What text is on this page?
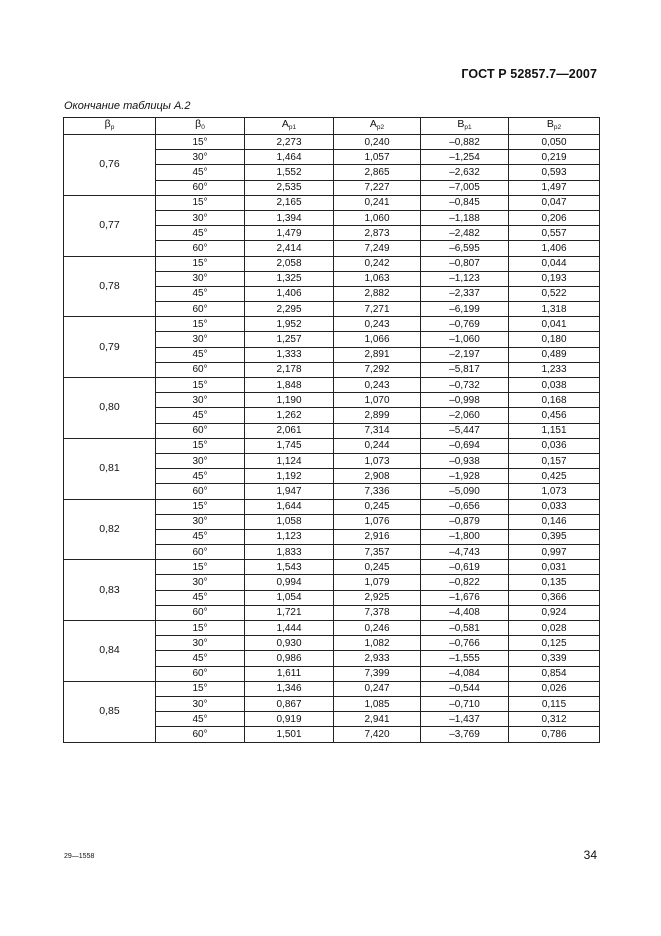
ГОСТ Р 52857.7—2007
Окончание таблицы А.2
$\beta_р$	$\beta_0$	$A_{р1}$	$A_{р2}$	$B_{р1}$	$B_{р2}$
0,76	15°	2,273	0,240	–0,882	0,050
	30°	1,464	1,057	–1,254	0,219
	45°	1,552	2,865	–2,632	0,593
	60°	2,535	7,227	–7,005	1,497
0,77	15°	2,165	0,241	–0,845	0,047
	30°	1,394	1,060	–1,188	0,206
	45°	1,479	2,873	–2,482	0,557
	60°	2,414	7,249	–6,595	1,406
0,78	15°	2,058	0,242	–0,807	0,044
	30°	1,325	1,063	–1,123	0,193
	45°	1,406	2,882	–2,337	0,522
	60°	2,295	7,271	–6,199	1,318
0,79	15°	1,952	0,243	–0,769	0,041
	30°	1,257	1,066	–1,060	0,180
	45°	1,333	2,891	–2,197	0,489
	60°	2,178	7,292	–5,817	1,233
0,80	15°	1,848	0,243	–0,732	0,038
	30°	1,190	1,070	–0,998	0,168
	45°	1,262	2,899	–2,060	0,456
	60°	2,061	7,314	–5,447	1,151
0,81	15°	1,745	0,244	–0,694	0,036
	30°	1,124	1,073	–0,938	0,157
	45°	1,192	2,908	–1,928	0,425
	60°	1,947	7,336	–5,090	1,073
0,82	15°	1,644	0,245	–0,656	0,033
	30°	1,058	1,076	–0,879	0,146
	45°	1,123	2,916	–1,800	0,395
	60°	1,833	7,357	–4,743	0,997
0,83	15°	1,543	0,245	–0,619	0,031
	30°	0,994	1,079	–0,822	0,135
	45°	1,054	2,925	–1,676	0,366
	60°	1,721	7,378	–4,408	0,924
0,84	15°	1,444	0,246	–0,581	0,028
	30°	0,930	1,082	–0,766	0,125
	45°	0,986	2,933	–1,555	0,339
	60°	1,611	7,399	–4,084	0,854
0,85	15°	1,346	0,247	–0,544	0,026
	30°	0,867	1,085	–0,710	0,115
	45°	0,919	2,941	–1,437	0,312
	60°	1,501	7,420	–3,769	0,786
29—1558	34
